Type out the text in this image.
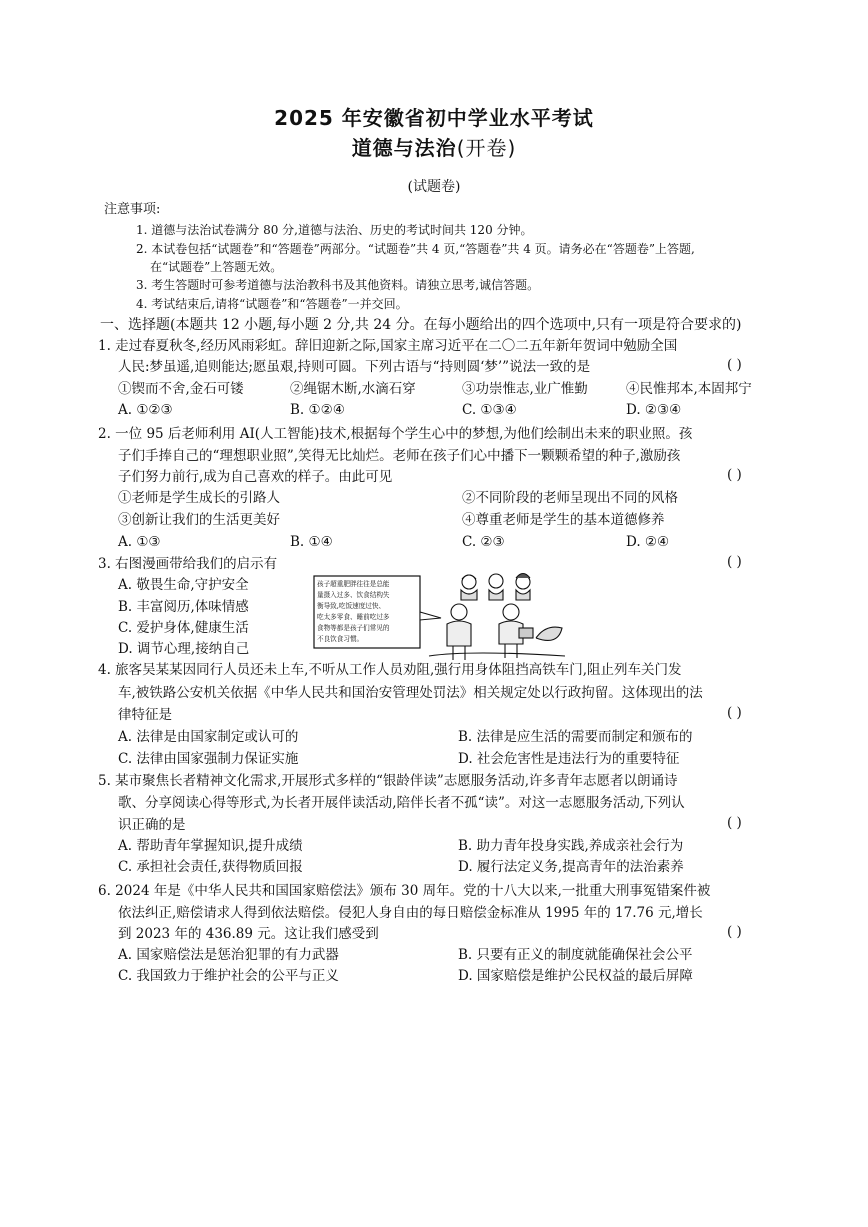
2025 年安徽省初中学业水平考试
道德与法治(开卷)
(试题卷)
注意事项:
1. 道德与法治试卷满分 80 分,道德与法治、历史的考试时间共 120 分钟。
2. 本试卷包括“试题卷”和“答题卷”两部分。“试题卷”共 4 页,“答题卷”共 4 页。请务必在“答题卷”上答题,
在“试题卷”上答题无效。
3. 考生答题时可参考道德与法治教科书及其他资料。请独立思考,诚信答题。
4. 考试结束后,请将“试题卷”和“答题卷”一并交回。
一、选择题(本题共 12 小题,每小题 2 分,共 24 分。在每小题给出的四个选项中,只有一项是符合要求的)
1. 走过春夏秋冬,经历风雨彩虹。辞旧迎新之际,国家主席习近平在二〇二五年新年贺词中勉励全国
人民:梦虽遥,追则能达;愿虽艰,持则可圆。下列古语与“持则圆‘梦’”说法一致的是	( )
①锲而不舍,金石可镂	②绳锯木断,水滴石穿	③功崇惟志,业广惟勤	④民惟邦本,本固邦宁
A. ①②③	B. ①②④	C. ①③④	D. ②③④
2. 一位 95 后老师利用 AI(人工智能)技术,根据每个学生心中的梦想,为他们绘制出未来的职业照。孩
子们手捧自己的“理想职业照”,笑得无比灿烂。老师在孩子们心中播下一颗颗希望的种子,激励孩
子们努力前行,成为自己喜欢的样子。由此可见	( )
①老师是学生成长的引路人	②不同阶段的老师呈现出不同的风格
③创新让我们的生活更美好	④尊重老师是学生的基本道德修养
A. ①③	B. ①④	C. ②③	D. ②④
3. 右图漫画带给我们的启示有	( )
A. 敬畏生命,守护安全
B. 丰富阅历,体味情感
C. 爱护身体,健康生活
D. 调节心理,接纳自己
孩子超重肥胖往往是总能
量摄入过多、饮食结构失
衡导致,吃饭速度过快、
吃太多零食、睡前吃过多
食物等都是孩子们常见的
不良饮食习惯。
4. 旅客吴某某因同行人员还未上车,不听从工作人员劝阻,强行用身体阻挡高铁车门,阻止列车关门发
车,被铁路公安机关依据《中华人民共和国治安管理处罚法》相关规定处以行政拘留。这体现出的法
律特征是	( )
A. 法律是由国家制定或认可的	B. 法律是应生活的需要而制定和颁布的
C. 法律由国家强制力保证实施	D. 社会危害性是违法行为的重要特征
5. 某市聚焦长者精神文化需求,开展形式多样的“银龄伴读”志愿服务活动,许多青年志愿者以朗诵诗
歌、分享阅读心得等形式,为长者开展伴读活动,陪伴长者不孤“读”。对这一志愿服务活动,下列认
识正确的是	( )
A. 帮助青年掌握知识,提升成绩	B. 助力青年投身实践,养成亲社会行为
C. 承担社会责任,获得物质回报	D. 履行法定义务,提高青年的法治素养
6. 2024 年是《中华人民共和国国家赔偿法》颁布 30 周年。党的十八大以来,一批重大刑事冤错案件被
依法纠正,赔偿请求人得到依法赔偿。侵犯人身自由的每日赔偿金标准从 1995 年的 17.76 元,增长
到 2023 年的 436.89 元。这让我们感受到	( )
A. 国家赔偿法是惩治犯罪的有力武器	B. 只要有正义的制度就能确保社会公平
C. 我国致力于维护社会的公平与正义	D. 国家赔偿是维护公民权益的最后屏障
